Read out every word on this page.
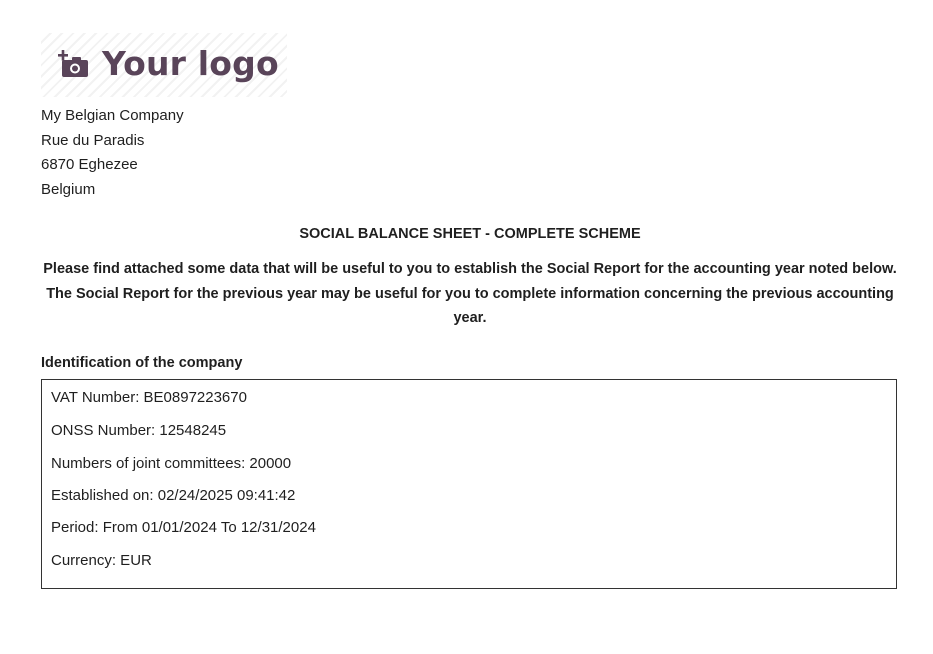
Your logo
My Belgian Company
Rue du Paradis
6870 Eghezee
Belgium
SOCIAL BALANCE SHEET - COMPLETE SCHEME
Please find attached some data that will be useful to you to establish the Social Report for the accounting year noted below. The Social Report for the previous year may be useful for you to complete information concerning the previous accounting year.
Identification of the company
VAT Number: BE0897223670
ONSS Number: 12548245
Numbers of joint committees: 20000
Established on: 02/24/2025 09:41:42
Period: From 01/01/2024 To 12/31/2024
Currency: EUR
